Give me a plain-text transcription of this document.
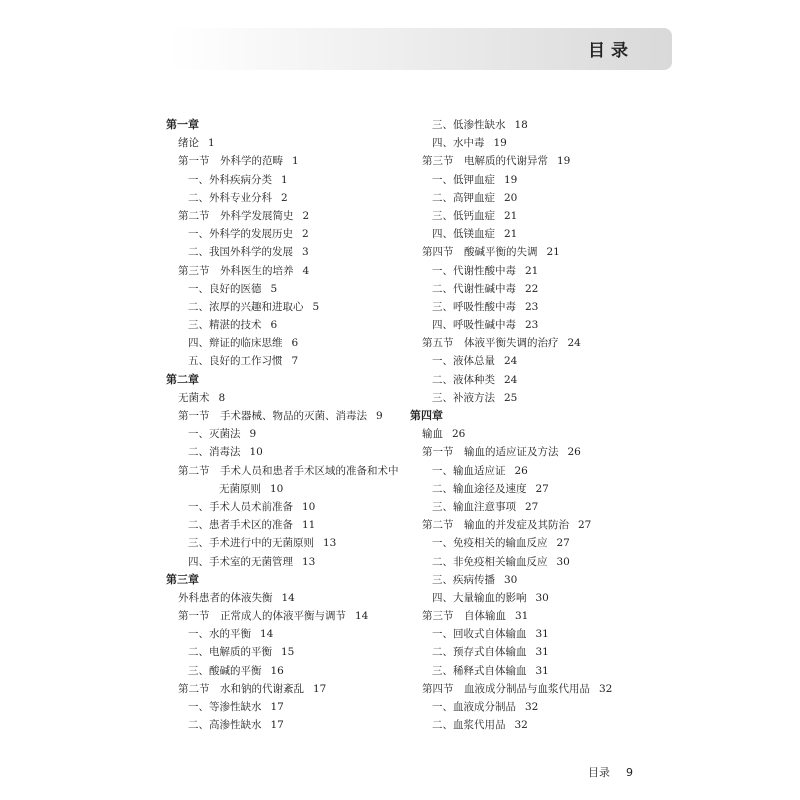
目录
第一章
绪论 1
第一节　外科学的范畴 1
一、外科疾病分类 1
二、外科专业分科 2
第二节　外科学发展简史 2
一、外科学的发展历史 2
二、我国外科学的发展 3
第三节　外科医生的培养 4
一、良好的医德 5
二、浓厚的兴趣和进取心 5
三、精湛的技术 6
四、辩证的临床思维 6
五、良好的工作习惯 7
第二章
无菌术 8
第一节　手术器械、物品的灭菌、消毒法 9
一、灭菌法 9
二、消毒法 10
第二节　手术人员和患者手术区域的准备和术中
无菌原则 10
一、手术人员术前准备 10
二、患者手术区的准备 11
三、手术进行中的无菌原则 13
四、手术室的无菌管理 13
第三章
外科患者的体液失衡 14
第一节　正常成人的体液平衡与调节 14
一、水的平衡 14
二、电解质的平衡 15
三、酸碱的平衡 16
第二节　水和钠的代谢紊乱 17
一、等渗性缺水 17
二、高渗性缺水 17
三、低渗性缺水 18
四、水中毒 19
第三节　电解质的代谢异常 19
一、低钾血症 19
二、高钾血症 20
三、低钙血症 21
四、低镁血症 21
第四节　酸碱平衡的失调 21
一、代谢性酸中毒 21
二、代谢性碱中毒 22
三、呼吸性酸中毒 23
四、呼吸性碱中毒 23
第五节　体液平衡失调的治疗 24
一、液体总量 24
二、液体种类 24
三、补液方法 25
第四章
输血 26
第一节　输血的适应证及方法 26
一、输血适应证 26
二、输血途径及速度 27
三、输血注意事项 27
第二节　输血的并发症及其防治 27
一、免疫相关的输血反应 27
二、非免疫相关输血反应 30
三、疾病传播 30
四、大量输血的影响 30
第三节　自体输血 31
一、回收式自体输血 31
二、预存式自体输血 31
三、稀释式自体输血 31
第四节　血液成分制品与血浆代用品 32
一、血液成分制品 32
二、血浆代用品 32
目录 9
